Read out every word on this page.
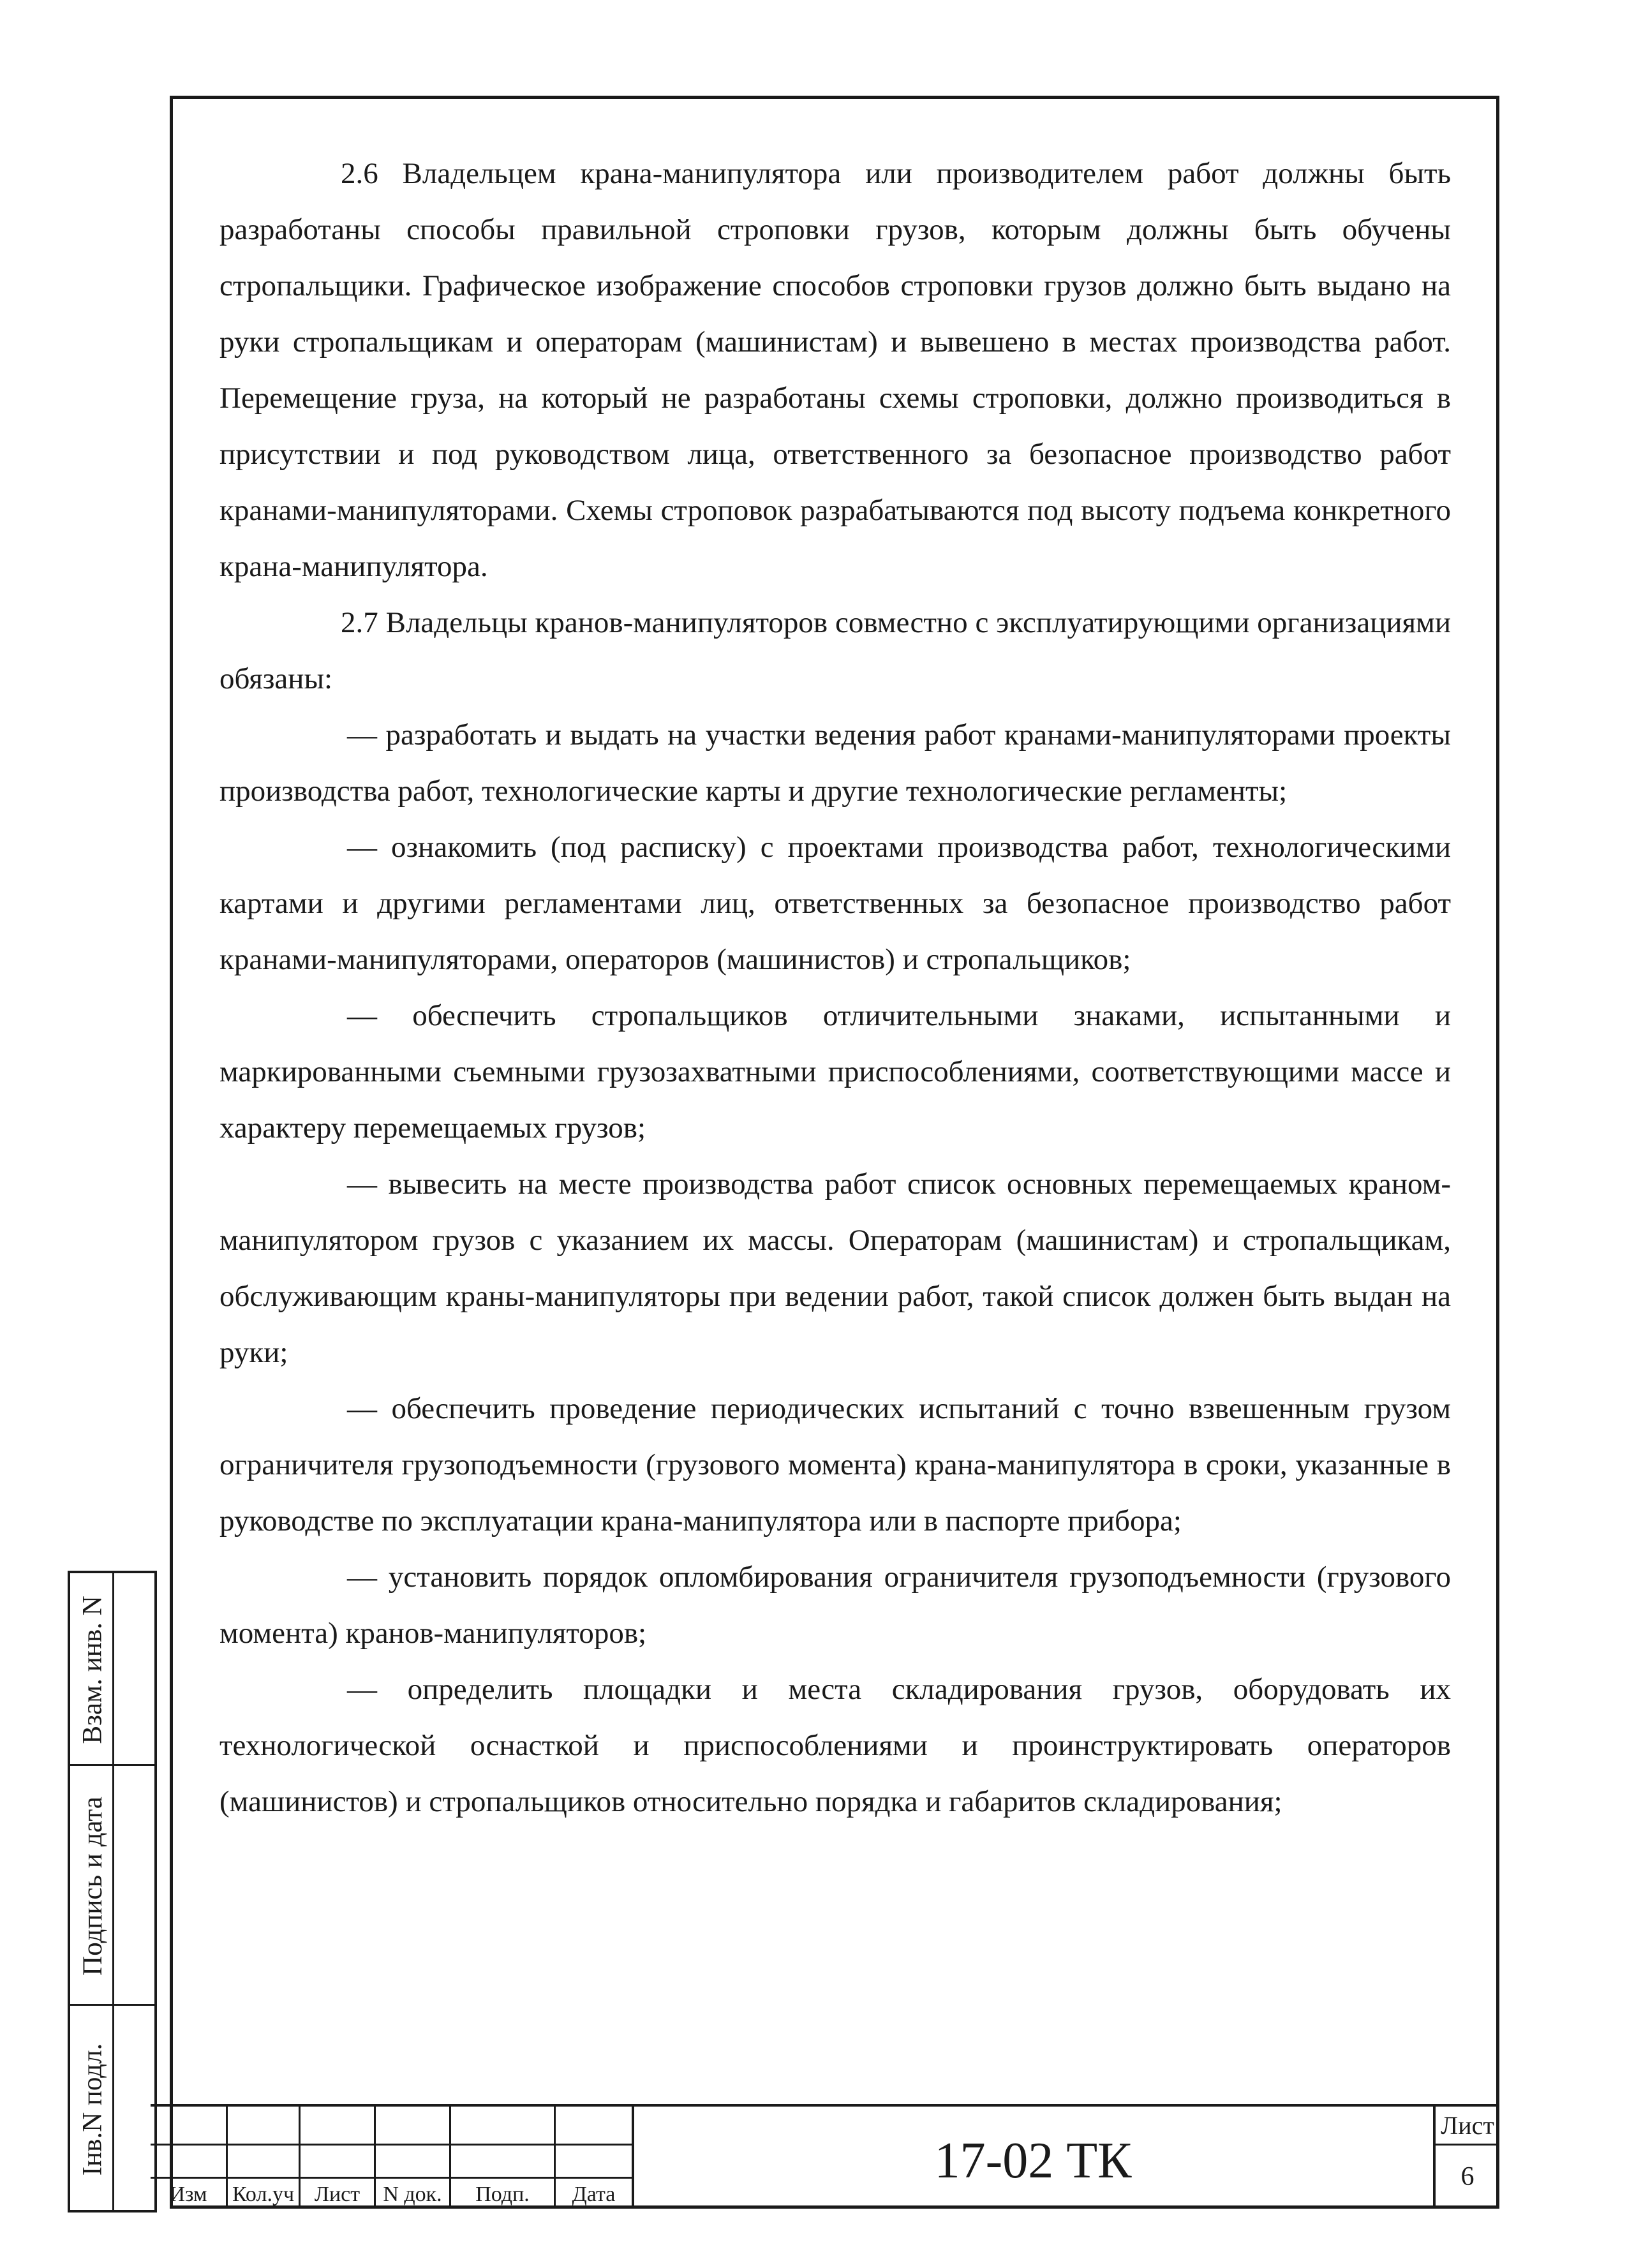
2.6 Владельцем крана-манипулятора или производителем работ должны быть разработаны способы правильной строповки грузов, которым должны быть обучены стропальщики. Графическое изображение способов строповки грузов должно быть выдано на руки стропальщикам и операторам (машинистам) и вывешено в местах производства работ. Перемещение груза, на который не разработаны схемы строповки, должно производиться в присутствии и под руководством лица, ответственного за безопасное производство работ кранами-манипуляторами. Схемы строповок разрабатываются под высоту подъема конкретного крана-манипулятора.

2.7 Владельцы кранов-манипуляторов совместно с эксплуатирующими организациями обязаны:

— разработать и выдать на участки ведения работ кранами-манипуляторами проекты производства работ, технологические карты и другие технологические регламенты;

— ознакомить (под расписку) с проектами производства работ, технологическими картами и другими регламентами лиц, ответственных за безопасное производство работ кранами-манипуляторами, операторов (машинистов) и стропальщиков;

— обеспечить стропальщиков отличительными знаками, испытанными и маркированными съемными грузозахватными приспособлениями, соответствующими массе и характеру перемещаемых грузов;

— вывесить на месте производства работ список основных перемещаемых краном-манипулятором грузов с указанием их массы. Операторам (машинистам) и стропальщикам, обслуживающим краны-манипуляторы при ведении работ, такой список должен быть выдан на руки;

— обеспечить проведение периодических испытаний с точно взвешенным грузом ограничителя грузоподъемности (грузового момента) крана-манипулятора в сроки, указанные в руководстве по эксплуатации крана-манипулятора или в паспорте прибора;

— установить порядок опломбирования ограничителя грузоподъемности (грузового момента) кранов-манипуляторов;

— определить площадки и места складирования грузов, оборудовать их технологической оснасткой и приспособлениями и проинструктировать операторов (машинистов) и стропальщиков относительно порядка и габаритов складирования;

Взам. инв. N
Подпись и дата
Інв.N подл.
Изм	Кол.уч Лист	N док.	Подп.	Дата
17-02 ТК
Лист
6
